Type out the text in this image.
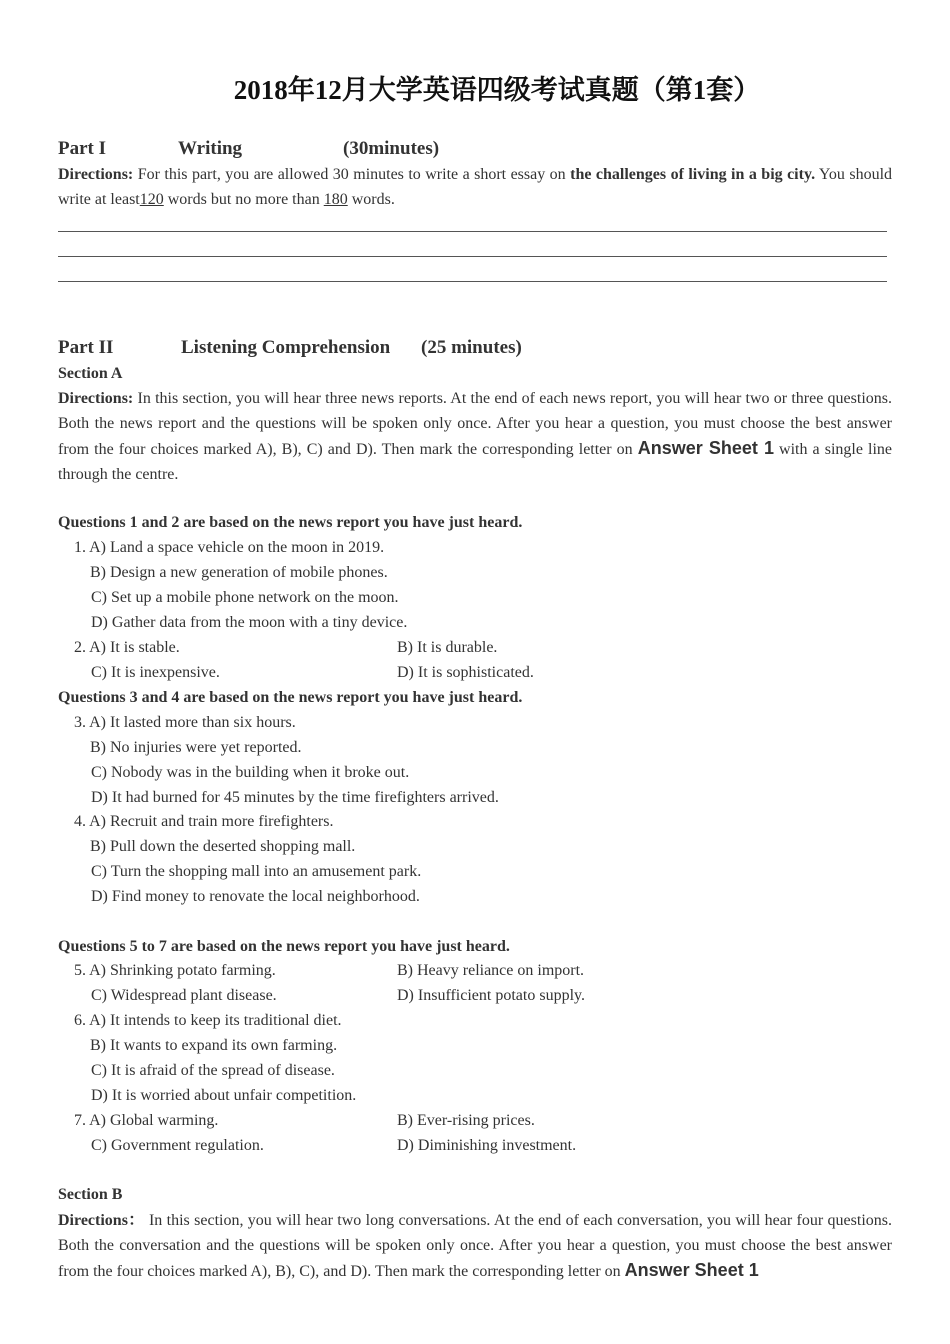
2018年12月大学英语四级考试真题（第1套）
Part I	Writing	(30minutes)
Directions: For this part, you are allowed 30 minutes to write a short essay on the challenges of living in a big city. You should write at least120 words but no more than 180 words.
Part II	Listening Comprehension (25 minutes)
Section A
Directions: In this section, you will hear three news reports. At the end of each news report, you will hear two or three questions. Both the news report and the questions will be spoken only once. After you hear a question, you must choose the best answer from the four choices marked A), B), C) and D). Then mark the corresponding letter on Answer Sheet 1 with a single line through the centre.
Questions 1 and 2 are based on the news report you have just heard.
1. A) Land a space vehicle on the moon in 2019.
B) Design a new generation of mobile phones.
C) Set up a mobile phone network on the moon.
D) Gather data from the moon with a tiny device.
2. A) It is stable.	B) It is durable.
C) It is inexpensive.	D) It is sophisticated.
Questions 3 and 4 are based on the news report you have just heard.
3. A) It lasted more than six hours.
B) No injuries were yet reported.
C) Nobody was in the building when it broke out.
D) It had burned for 45 minutes by the time firefighters arrived.
4. A) Recruit and train more firefighters.
B) Pull down the deserted shopping mall.
C) Turn the shopping mall into an amusement park.
D) Find money to renovate the local neighborhood.
Questions 5 to 7 are based on the news report you have just heard.
5. A) Shrinking potato farming.	B) Heavy reliance on import.
C) Widespread plant disease.	D) Insufficient potato supply.
6. A) It intends to keep its traditional diet.
B) It wants to expand its own farming.
C) It is afraid of the spread of disease.
D) It is worried about unfair competition.
7. A) Global warming.	B) Ever-rising prices.
C) Government regulation.	D) Diminishing investment.
Section B
Directions： In this section, you will hear two long conversations. At the end of each conversation, you will hear four questions. Both the conversation and the questions will be spoken only once. After you hear a question, you must choose the best answer from the four choices marked A), B), C), and D). Then mark the corresponding letter on Answer Sheet 1
